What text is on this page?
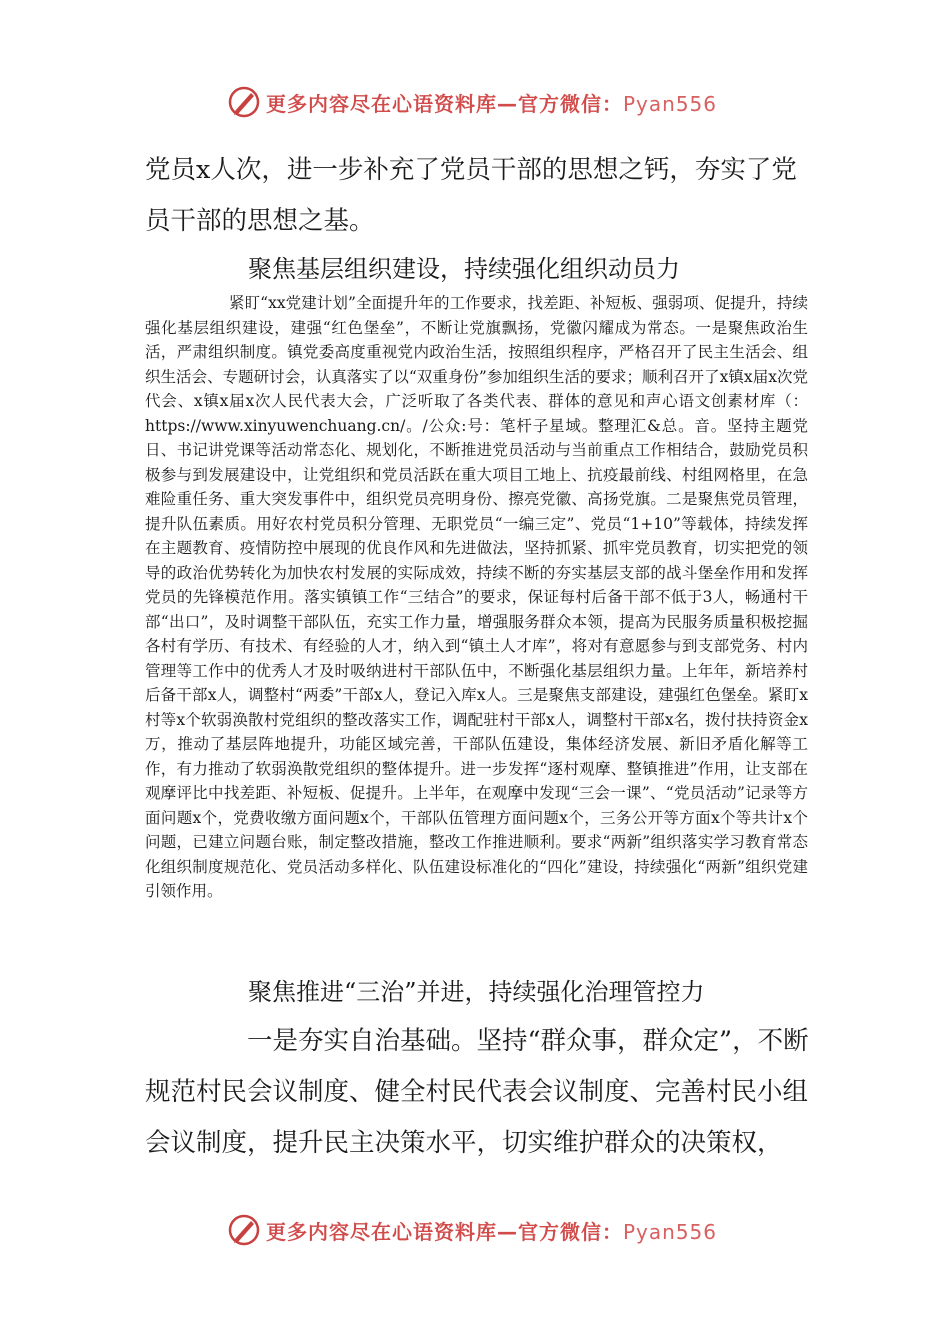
更多内容尽在心语资料库—官方微信：Pyan556

党员x人次，进一步补充了党员干部的思想之钙，夯实了党员干部的思想之基。

聚焦基层组织建设，持续强化组织动员力

紧盯“xx党建计划”全面提升年的工作要求，找差距、补短板、强弱项、促提升，持续强化基层组织建设，建强“红色堡垒”，不断让党旗飘扬，党徽闪耀成为常态。一是聚焦政治生活，严肃组织制度。镇党委高度重视党内政治生活，按照组织程序，严格召开了民主生活会、组织生活会、专题研讨会，认真落实了以“双重身份”参加组织生活的要求；顺利召开了x镇x届x次党代会、x镇x届x次人民代表大会，广泛听取了各类代表、群体的意见和声心语文创素材库（：https://www.xinyuwenchuang.cn/。/公众:号：笔杆子星域。整理汇&总。音。坚持主题党日、书记讲党课等活动常态化、规划化，不断推进党员活动与当前重点工作相结合，鼓励党员积极参与到发展建设中，让党组织和党员活跃在重大项目工地上、抗疫最前线、村组网格里，在急难险重任务、重大突发事件中，组织党员亮明身份、擦亮党徽、高扬党旗。二是聚焦党员管理，提升队伍素质。用好农村党员积分管理、无职党员“一编三定”、党员“1+10”等载体，持续发挥在主题教育、疫情防控中展现的优良作风和先进做法，坚持抓紧、抓牢党员教育，切实把党的领导的政治优势转化为加快农村发展的实际成效，持续不断的夯实基层支部的战斗堡垒作用和发挥党员的先锋模范作用。落实镇镇工作“三结合”的要求，保证每村后备干部不低于3人，畅通村干部“出口”，及时调整干部队伍，充实工作力量，增强服务群众本领，提高为民服务质量积极挖掘各村有学历、有技术、有经验的人才，纳入到“镇土人才库”，将对有意愿参与到支部党务、村内管理等工作中的优秀人才及时吸纳进村干部队伍中，不断强化基层组织力量。上年年，新培养村后备干部x人，调整村“两委”干部x人，登记入库x人。三是聚焦支部建设，建强红色堡垒。紧盯x村等x个软弱涣散村党组织的整改落实工作，调配驻村干部x人，调整村干部x名，拨付扶持资金x万，推动了基层阵地提升，功能区域完善，干部队伍建设，集体经济发展、新旧矛盾化解等工作，有力推动了软弱涣散党组织的整体提升。进一步发挥“逐村观摩、整镇推进”作用，让支部在观摩评比中找差距、补短板、促提升。上半年，在观摩中发现“三会一课”、“党员活动”记录等方面问题x个，党费收缴方面问题x个，干部队伍管理方面问题x个，三务公开等方面x个等共计x个问题，已建立问题台账，制定整改措施，整改工作推进顺利。要求“两新”组织落实学习教育常态化组织制度规范化、党员活动多样化、队伍建设标准化的“四化”建设，持续强化“两新”组织党建引领作用。

聚焦推进“三治”并进，持续强化治理管控力

一是夯实自治基础。坚持“群众事，群众定”，不断规范村民会议制度、健全村民代表会议制度、完善村民小组会议制度，提升民主决策水平，切实维护群众的决策权，

更多内容尽在心语资料库—官方微信：Pyan556
